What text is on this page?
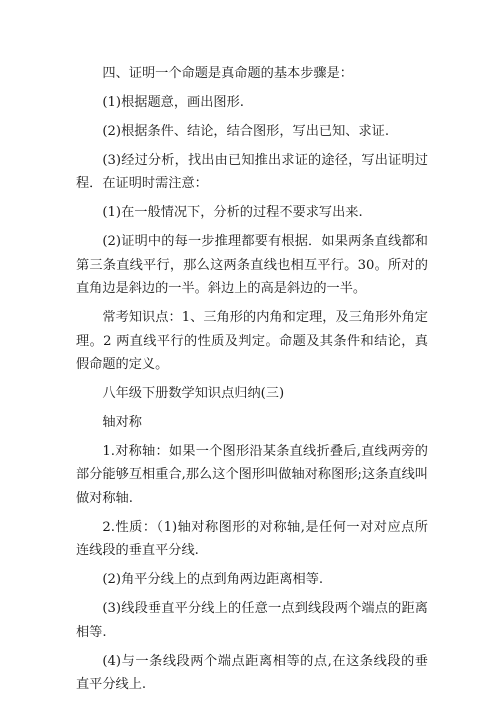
四、证明一个命题是真命题的基本步骤是：

(1)根据题意，画出图形.

(2)根据条件、结论，结合图形，写出已知、求证.

(3)经过分析，找出由已知推出求证的途径，写出证明过程．在证明时需注意：

(1)在一般情况下，分析的过程不要求写出来.

(2)证明中的每一步推理都要有根据．如果两条直线都和第三条直线平行，那么这两条直线也相互平行。30。所对的直角边是斜边的一半。斜边上的高是斜边的一半。

常考知识点：1、三角形的内角和定理，及三角形外角定理。2 两直线平行的性质及判定。命题及其条件和结论，真假命题的定义。

八年级下册数学知识点归纳(三)

轴对称

1.对称轴：如果一个图形沿某条直线折叠后,直线两旁的部分能够互相重合,那么这个图形叫做轴对称图形;这条直线叫做对称轴.

2.性质：（1)轴对称图形的对称轴,是任何一对对应点所连线段的垂直平分线.

(2)角平分线上的点到角两边距离相等.

(3)线段垂直平分线上的任意一点到线段两个端点的距离相等.

(4)与一条线段两个端点距离相等的点,在这条线段的垂直平分线上.
